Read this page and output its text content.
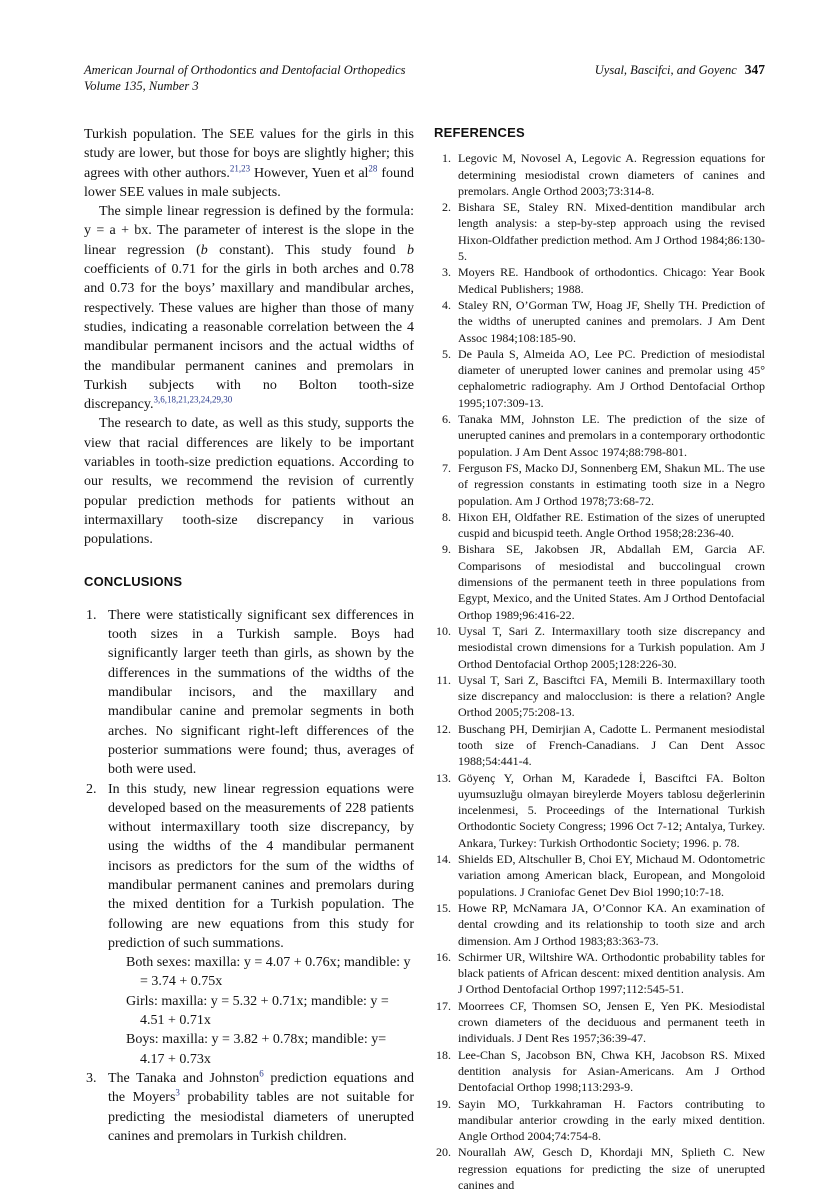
American Journal of Orthodontics and Dentofacial Orthopedics
Volume 135, Number 3
Uysal, Bascifci, and Goyenc 347

Turkish population. The SEE values for the girls in this study are lower, but those for boys are slightly higher; this agrees with other authors.$^{21,23}$ However, Yuen et al$^{28}$ found lower SEE values in male subjects.

The simple linear regression is defined by the formula: y = a + bx. The parameter of interest is the slope in the linear regression (b constant). This study found b coefficients of 0.71 for the girls in both arches and 0.78 and 0.73 for the boys’ maxillary and mandibular arches, respectively. These values are higher than those of many studies, indicating a reasonable correlation between the 4 mandibular permanent incisors and the actual widths of the mandibular permanent canines and premolars in Turkish subjects with no Bolton tooth-size discrepancy.$^{3,6,18,21,23,24,29,30}$

The research to date, as well as this study, supports the view that racial differences are likely to be important variables in tooth-size prediction equations. According to our results, we recommend the revision of currently popular prediction methods for patients without an intermaxillary tooth-size discrepancy in various populations.

CONCLUSIONS
1. There were statistically significant sex differences in tooth sizes in a Turkish sample. Boys had significantly larger teeth than girls, as shown by the differences in the summations of the widths of the mandibular incisors, and the maxillary and mandibular canine and premolar segments in both arches. No significant right-left differences of the posterior summations were found; thus, averages of both were used.
2. In this study, new linear regression equations were developed based on the measurements of 228 patients without intermaxillary tooth size discrepancy, by using the widths of the 4 mandibular permanent incisors as predictors for the sum of the widths of mandibular permanent canines and premolars during the mixed dentition for a Turkish population. The following are new equations from this study for prediction of such summations.
Both sexes: maxilla: y = 4.07 + 0.76x; mandible: y = 3.74 + 0.75x
Girls: maxilla: y = 5.32 + 0.71x; mandible: y = 4.51 + 0.71x
Boys: maxilla: y = 3.82 + 0.78x; mandible: y= 4.17 + 0.73x
3. The Tanaka and Johnston$^6$ prediction equations and the Moyers$^3$ probability tables are not suitable for predicting the mesiodistal diameters of unerupted canines and premolars in Turkish children.
REFERENCES
1. Legovic M, Novosel A, Legovic A. Regression equations for determining mesiodistal crown diameters of canines and premolars. Angle Orthod 2003;73:314-8.
2. Bishara SE, Staley RN. Mixed-dentition mandibular arch length analysis: a step-by-step approach using the revised Hixon-Oldfather prediction method. Am J Orthod 1984;86:130-5.
3. Moyers RE. Handbook of orthodontics. Chicago: Year Book Medical Publishers; 1988.
4. Staley RN, O’Gorman TW, Hoag JF, Shelly TH. Prediction of the widths of unerupted canines and premolars. J Am Dent Assoc 1984;108:185-90.
5. De Paula S, Almeida AO, Lee PC. Prediction of mesiodistal diameter of unerupted lower canines and premolar using 45° cephalometric radiography. Am J Orthod Dentofacial Orthop 1995;107:309-13.
6. Tanaka MM, Johnston LE. The prediction of the size of unerupted canines and premolars in a contemporary orthodontic population. J Am Dent Assoc 1974;88:798-801.
7. Ferguson FS, Macko DJ, Sonnenberg EM, Shakun ML. The use of regression constants in estimating tooth size in a Negro population. Am J Orthod 1978;73:68-72.
8. Hixon EH, Oldfather RE. Estimation of the sizes of unerupted cuspid and bicuspid teeth. Angle Orthod 1958;28:236-40.
9. Bishara SE, Jakobsen JR, Abdallah EM, Garcia AF. Comparisons of mesiodistal and buccolingual crown dimensions of the permanent teeth in three populations from Egypt, Mexico, and the United States. Am J Orthod Dentofacial Orthop 1989;96:416-22.
10. Uysal T, Sari Z. Intermaxillary tooth size discrepancy and mesiodistal crown dimensions for a Turkish population. Am J Orthod Dentofacial Orthop 2005;128:226-30.
11. Uysal T, Sari Z, Basciftci FA, Memili B. Intermaxillary tooth size discrepancy and malocclusion: is there a relation? Angle Orthod 2005;75:208-13.
12. Buschang PH, Demirjian A, Cadotte L. Permanent mesiodistal tooth size of French-Canadians. J Can Dent Assoc 1988;54:441-4.
13. Göyenç Y, Orhan M, Karadede İ, Basciftci FA. Bolton uyumsuzluğu olmayan bireylerde Moyers tablosu değerlerinin incelenmesi, 5. Proceedings of the International Turkish Orthodontic Society Congress; 1996 Oct 7-12; Antalya, Turkey. Ankara, Turkey: Turkish Orthodontic Society; 1996. p. 78.
14. Shields ED, Altschuller B, Choi EY, Michaud M. Odontometric variation among American black, European, and Mongoloid populations. J Craniofac Genet Dev Biol 1990;10:7-18.
15. Howe RP, McNamara JA, O’Connor KA. An examination of dental crowding and its relationship to tooth size and arch dimension. Am J Orthod 1983;83:363-73.
16. Schirmer UR, Wiltshire WA. Orthodontic probability tables for black patients of African descent: mixed dentition analysis. Am J Orthod Dentofacial Orthop 1997;112:545-51.
17. Moorrees CF, Thomsen SO, Jensen E, Yen PK. Mesiodistal crown diameters of the deciduous and permanent teeth in individuals. J Dent Res 1957;36:39-47.
18. Lee-Chan S, Jacobson BN, Chwa KH, Jacobson RS. Mixed dentition analysis for Asian-Americans. Am J Orthod Dentofacial Orthop 1998;113:293-9.
19. Sayin MO, Turkkahraman H. Factors contributing to mandibular anterior crowding in the early mixed dentition. Angle Orthod 2004;74:754-8.
20. Nourallah AW, Gesch D, Khordaji MN, Splieth C. New regression equations for predicting the size of unerupted canines and
